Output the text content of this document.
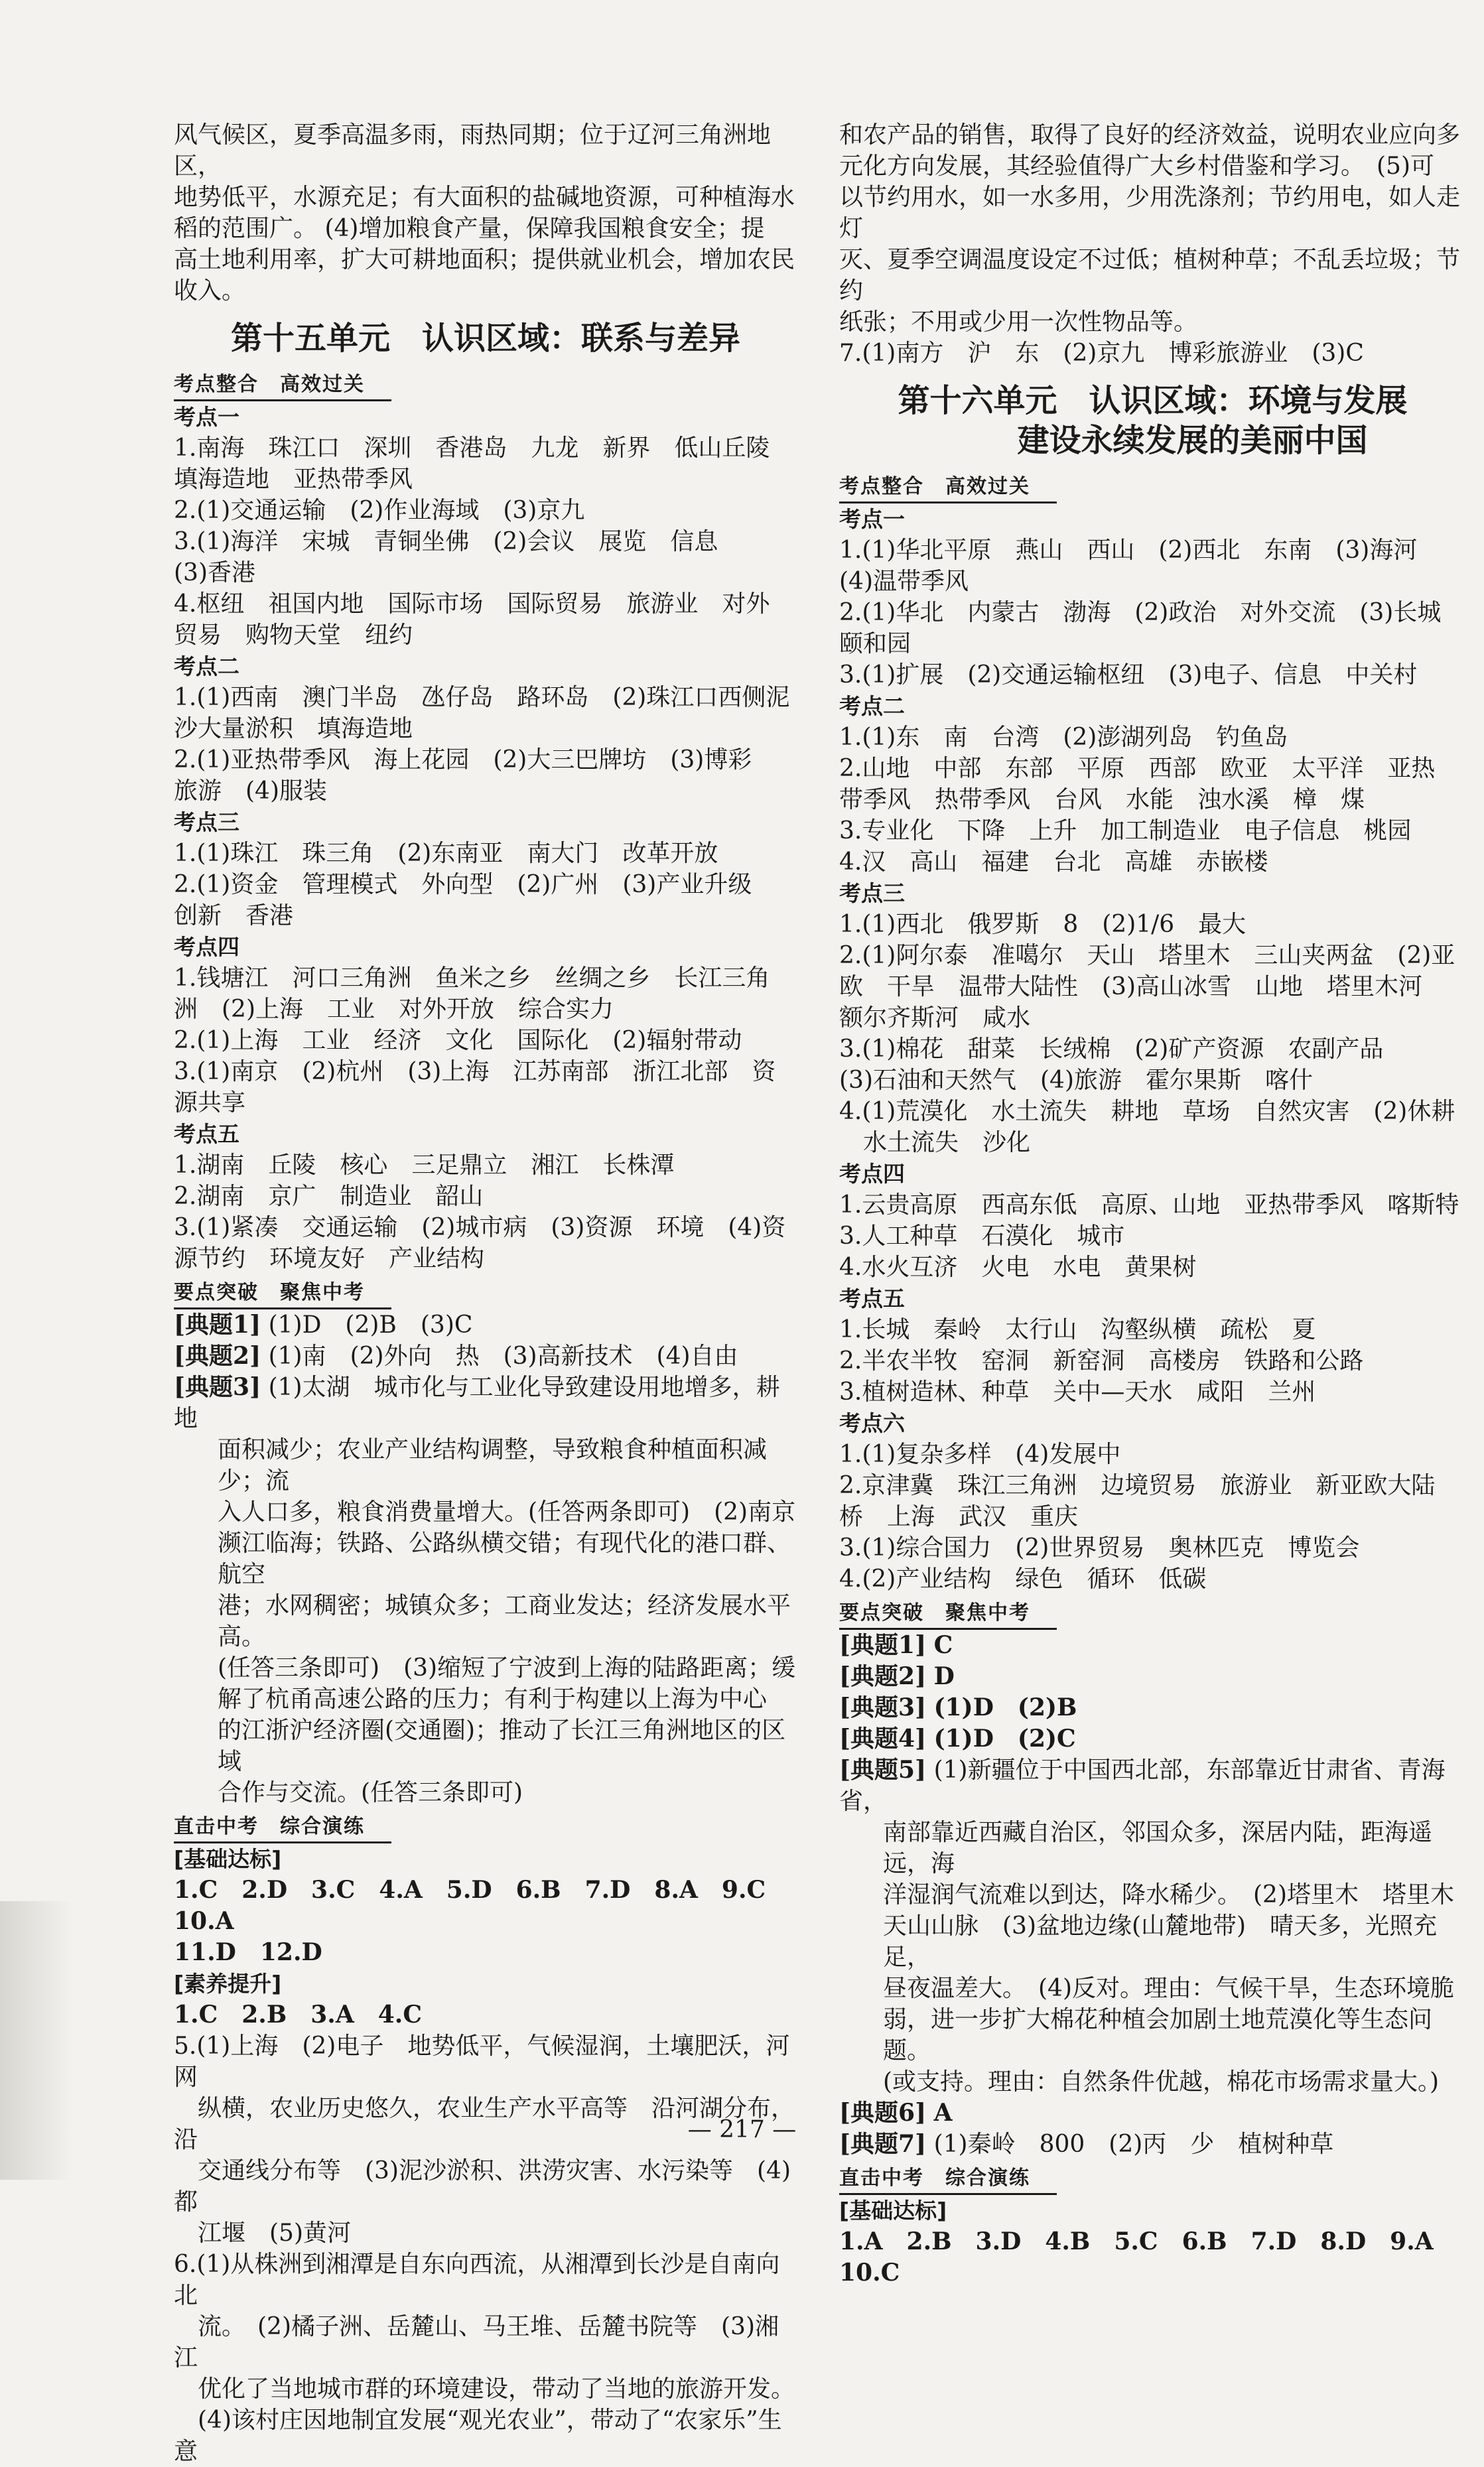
风气候区，夏季高温多雨，雨热同期；位于辽河三角洲地区，

地势低平，水源充足；有大面积的盐碱地资源，可种植海水

稻的范围广。 (4)增加粮食产量，保障我国粮食安全；提

高土地利用率，扩大可耕地面积；提供就业机会，增加农民

收入。

第十五单元　认识区域：联系与差异
考点整合　高效过关

考点一

1.南海　珠江口　深圳　香港岛　九龙　新界　低山丘陵

填海造地　亚热带季风

2.(1)交通运输　(2)作业海域　(3)京九

3.(1)海洋　宋城　青铜坐佛　(2)会议　展览　信息

(3)香港

4.枢纽　祖国内地　国际市场　国际贸易　旅游业　对外

贸易　购物天堂　纽约

考点二

1.(1)西南　澳门半岛　氹仔岛　路环岛　(2)珠江口西侧泥

沙大量淤积　填海造地

2.(1)亚热带季风　海上花园　(2)大三巴牌坊　(3)博彩

旅游　(4)服装

考点三

1.(1)珠江　珠三角　(2)东南亚　南大门　改革开放

2.(1)资金　管理模式　外向型　(2)广州　(3)产业升级

创新　香港

考点四

1.钱塘江　河口三角洲　鱼米之乡　丝绸之乡　长江三角

洲　(2)上海　工业　对外开放　综合实力

2.(1)上海　工业　经济　文化　国际化　(2)辐射带动

3.(1)南京　(2)杭州　(3)上海　江苏南部　浙江北部　资

源共享

考点五

1.湖南　丘陵　核心　三足鼎立　湘江　长株潭

2.湖南　京广　制造业　韶山

3.(1)紧凑　交通运输　(2)城市病　(3)资源　环境　(4)资

源节约　环境友好　产业结构

要点突破　聚焦中考

[典题1] (1)D　(2)B　(3)C

[典题2] (1)南　(2)外向　热　(3)高新技术　(4)自由

[典题3] (1)太湖　城市化与工业化导致建设用地增多，耕地

面积减少；农业产业结构调整，导致粮食种植面积减少；流

入人口多，粮食消费量增大。(任答两条即可)　(2)南京

濒江临海；铁路、公路纵横交错；有现代化的港口群、航空

港；水网稠密；城镇众多；工商业发达；经济发展水平高。

(任答三条即可)　(3)缩短了宁波到上海的陆路距离；缓

解了杭甬高速公路的压力；有利于构建以上海为中心

的江浙沪经济圈(交通圈)；推动了长江三角洲地区的区域

合作与交流。(任答三条即可)

直击中考　综合演练

[基础达标]

1.C　2.D　3.C　4.A　5.D　6.B　7.D　8.A　9.C　10.A

11.D　12.D

[素养提升]

1.C　2.B　3.A　4.C

5.(1)上海　(2)电子　地势低平，气候湿润，土壤肥沃，河网

　纵横，农业历史悠久，农业生产水平高等　沿河湖分布，沿

　交通线分布等　(3)泥沙淤积、洪涝灾害、水污染等　(4)都

　江堰　(5)黄河

6.(1)从株洲到湘潭是自东向西流，从湘潭到长沙是自南向北

　流。　(2)橘子洲、岳麓山、马王堆、岳麓书院等　(3)湘江

　优化了当地城市群的环境建设，带动了当地的旅游开发。

　(4)该村庄因地制宜发展“观光农业”，带动了“农家乐”生意

和农产品的销售，取得了良好的经济效益，说明农业应向多

元化方向发展，其经验值得广大乡村借鉴和学习。　(5)可

以节约用水，如一水多用，少用洗涤剂；节约用电，如人走灯

灭、夏季空调温度设定不过低；植树种草；不乱丢垃圾；节约

纸张；不用或少用一次性物品等。

7.(1)南方　沪　东　(2)京九　博彩旅游业　(3)C

第十六单元　认识区域：环境与发展
建设永续发展的美丽中国
考点整合　高效过关

考点一

1.(1)华北平原　燕山　西山　(2)西北　东南　(3)海河

(4)温带季风

2.(1)华北　内蒙古　渤海　(2)政治　对外交流　(3)长城

颐和园

3.(1)扩展　(2)交通运输枢纽　(3)电子、信息　中关村

考点二

1.(1)东　南　台湾　(2)澎湖列岛　钓鱼岛

2.山地　中部　东部　平原　西部　欧亚　太平洋　亚热

带季风　热带季风　台风　水能　浊水溪　樟　煤

3.专业化　下降　上升　加工制造业　电子信息　桃园

4.汉　高山　福建　台北　高雄　赤嵌楼

考点三

1.(1)西北　俄罗斯　8　(2)1/6　最大

2.(1)阿尔泰　准噶尔　天山　塔里木　三山夹两盆　(2)亚

欧　干旱　温带大陆性　(3)高山冰雪　山地　塔里木河

额尔齐斯河　咸水

3.(1)棉花　甜菜　长绒棉　(2)矿产资源　农副产品

(3)石油和天然气　(4)旅游　霍尔果斯　喀什

4.(1)荒漠化　水土流失　耕地　草场　自然灾害　(2)休耕

　水土流失　沙化

考点四

1.云贵高原　西高东低　高原、山地　亚热带季风　喀斯特

3.人工种草　石漠化　城市

4.水火互济　火电　水电　黄果树

考点五

1.长城　秦岭　太行山　沟壑纵横　疏松　夏

2.半农半牧　窑洞　新窑洞　高楼房　铁路和公路

3.植树造林、种草　关中—天水　咸阳　兰州

考点六

1.(1)复杂多样　(4)发展中

2.京津冀　珠江三角洲　边境贸易　旅游业　新亚欧大陆

桥　上海　武汉　重庆

3.(1)综合国力　(2)世界贸易　奥林匹克　博览会

4.(2)产业结构　绿色　循环　低碳

要点突破　聚焦中考

[典题1] C

[典题2] D

[典题3] (1)D　(2)B

[典题4] (1)D　(2)C

[典题5] (1)新疆位于中国西北部，东部靠近甘肃省、青海省，

南部靠近西藏自治区，邻国众多，深居内陆，距海遥远，海

洋湿润气流难以到达，降水稀少。　(2)塔里木　塔里木

天山山脉　(3)盆地边缘(山麓地带)　晴天多，光照充足，

昼夜温差大。　(4)反对。理由：气候干旱，生态环境脆

弱，进一步扩大棉花种植会加剧土地荒漠化等生态问题。

(或支持。理由：自然条件优越，棉花市场需求量大。)

[典题6] A

[典题7] (1)秦岭　800　(2)丙　少　植树种草

直击中考　综合演练

[基础达标]

1.A　2.B　3.D　4.B　5.C　6.B　7.D　8.D　9.A　10.C

— 217 —
